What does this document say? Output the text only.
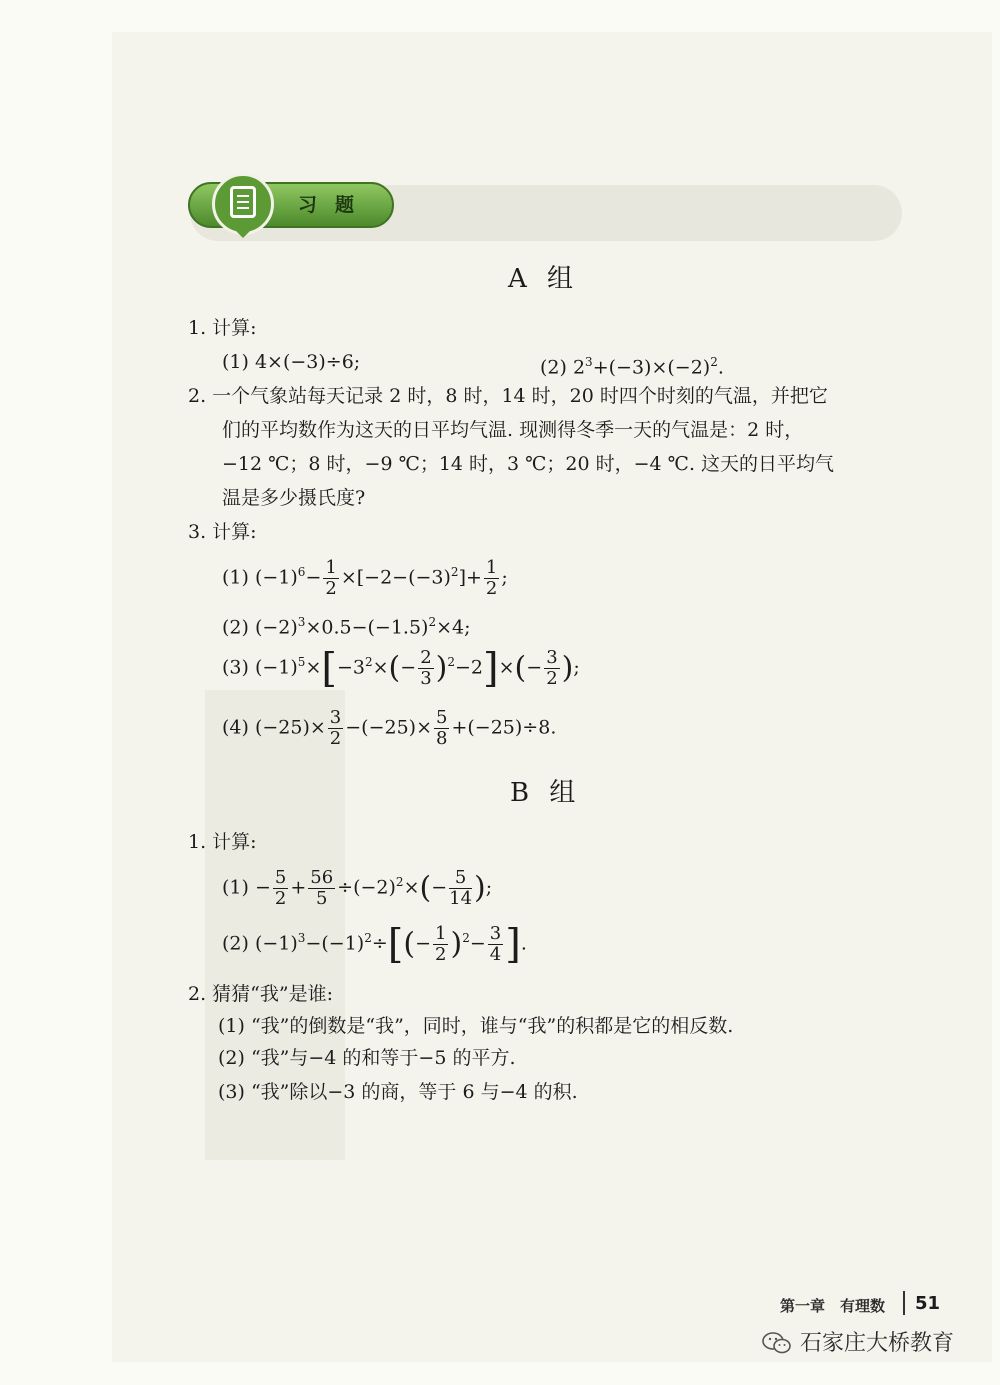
习题
A 组
1. 计算:
(1) 4×(−3)÷6;	(2) $2^3+(-3)\times(-2)^2$.
2. 一个气象站每天记录 2 时，8 时，14 时，20 时四个时刻的气温，并把它
们的平均数作为这天的日平均气温. 现测得冬季一天的气温是：2 时，
−12 ℃；8 时，−9 ℃；14 时，3 ℃；20 时，−4 ℃. 这天的日平均气
温是多少摄氏度?
3. 计算:
(1) $(-1)^6- \frac{1}{2} \times[-2-(-3)^2]+ \frac{1}{2}$ ;
(2) $(-2)^3\times 0.5-(-1.5)^2\times 4$;
(3) $(-1)^5\times[-3^2\times(- \frac{2}{3} )^2-2]\times(- \frac{3}{2}$ );
(4) $(-25)\times \frac{3}{2} -(-25)\times \frac{5}{8} +(-25)\div 8$.
B 组
1. 计算:
$(1) - \frac{5}{2} + \frac{56}{5} \div(-2)^2\times(- \frac{5}{14}$ );
(2) $(-1)^3-(-1)^2\div[(- \frac{1}{2} )^2- \frac{3}{4}$ ].
2. 猜猜“我”是谁:
(1) “我”的倒数是“我”，同时，谁与“我”的积都是它的相反数.
(2) “我”与−4 的和等于−5 的平方.
(3) “我”除以−3 的商，等于 6 与−4 的积.
第一章　有理数 51
石家庄大桥教育
